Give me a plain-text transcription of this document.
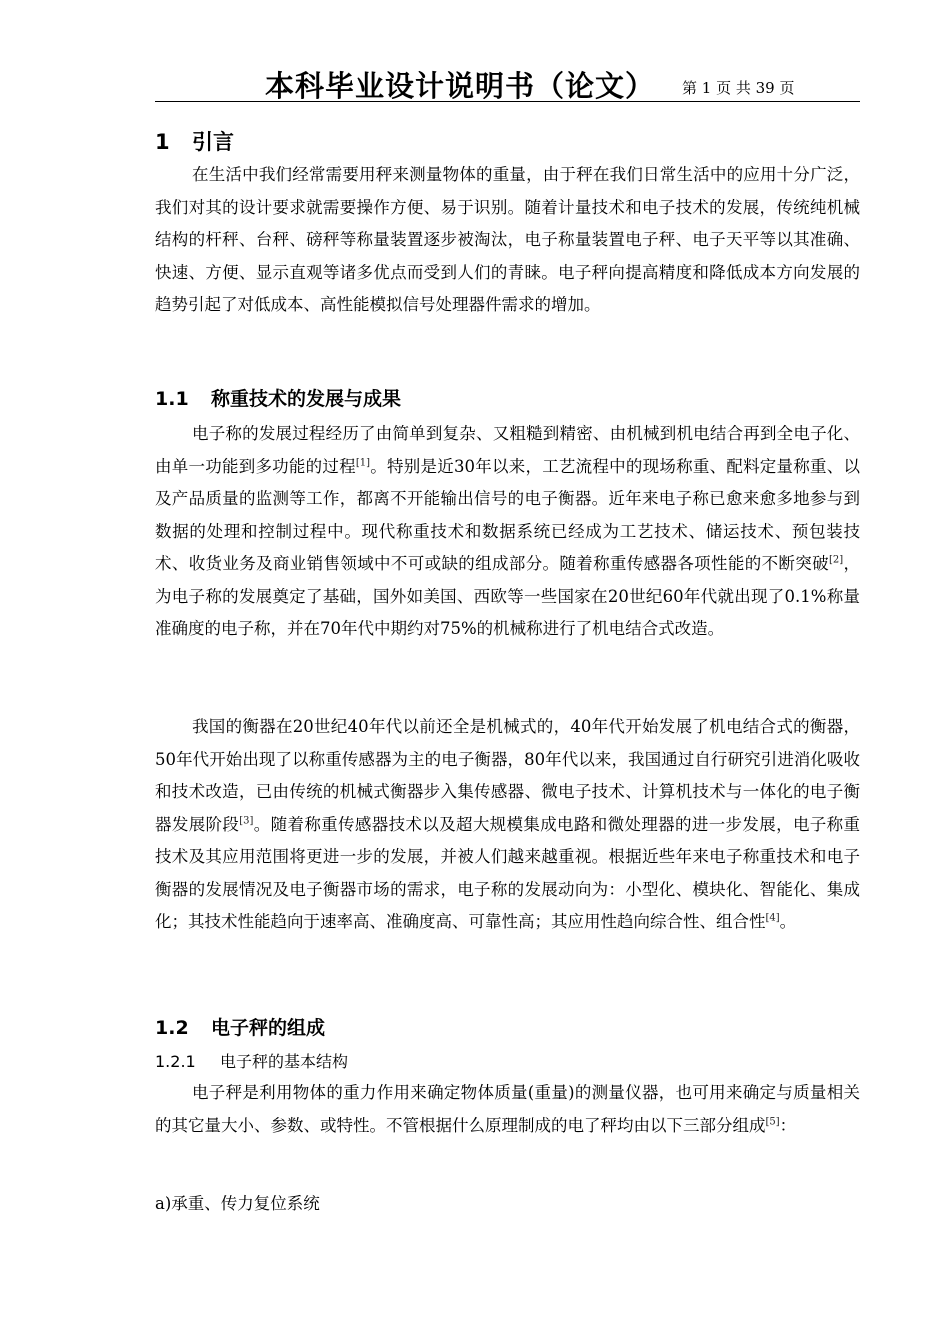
本科毕业设计说明书（论文） 第 1 页 共 39 页
1 引言

在生活中我们经常需要用秤来测量物体的重量，由于秤在我们日常生活中的应用十分广泛，我们对其的设计要求就需要操作方便、易于识别。随着计量技术和电子技术的发展，传统纯机械结构的杆秤、台秤、磅秤等称量装置逐步被淘汰，电子称量装置电子秤、电子天平等以其准确、快速、方便、显示直观等诸多优点而受到人们的青睐。电子秤向提高精度和降低成本方向发展的趋势引起了对低成本、高性能模拟信号处理器件需求的增加。

1.1 称重技术的发展与成果

电子称的发展过程经历了由简单到复杂、又粗糙到精密、由机械到机电结合再到全电子化、由单一功能到多功能的过程[1]。特别是近30年以来，工艺流程中的现场称重、配料定量称重、以及产品质量的监测等工作，都离不开能输出信号的电子衡器。近年来电子称已愈来愈多地参与到数据的处理和控制过程中。现代称重技术和数据系统已经成为工艺技术、储运技术、预包装技术、收货业务及商业销售领域中不可或缺的组成部分。随着称重传感器各项性能的不断突破[2]，为电子称的发展奠定了基础，国外如美国、西欧等一些国家在20世纪60年代就出现了0.1%称量准确度的电子称，并在70年代中期约对75%的机械称进行了机电结合式改造。

我国的衡器在20世纪40年代以前还全是机械式的，40年代开始发展了机电结合式的衡器，50年代开始出现了以称重传感器为主的电子衡器，80年代以来，我国通过自行研究引进消化吸收和技术改造，已由传统的机械式衡器步入集传感器、微电子技术、计算机技术与一体化的电子衡器发展阶段[3]。随着称重传感器技术以及超大规模集成电路和微处理器的进一步发展，电子称重技术及其应用范围将更进一步的发展，并被人们越来越重视。根据近些年来电子称重技术和电子衡器的发展情况及电子衡器市场的需求，电子称的发展动向为：小型化、模块化、智能化、集成化；其技术性能趋向于速率高、准确度高、可靠性高；其应用性趋向综合性、组合性[4]。

1.2 电子秤的组成
1.2.1 电子秤的基本结构

电子秤是利用物体的重力作用来确定物体质量(重量)的测量仪器，也可用来确定与质量相关的其它量大小、参数、或特性。不管根据什么原理制成的电了秤均由以下三部分组成[5]：

a)承重、传力复位系统
